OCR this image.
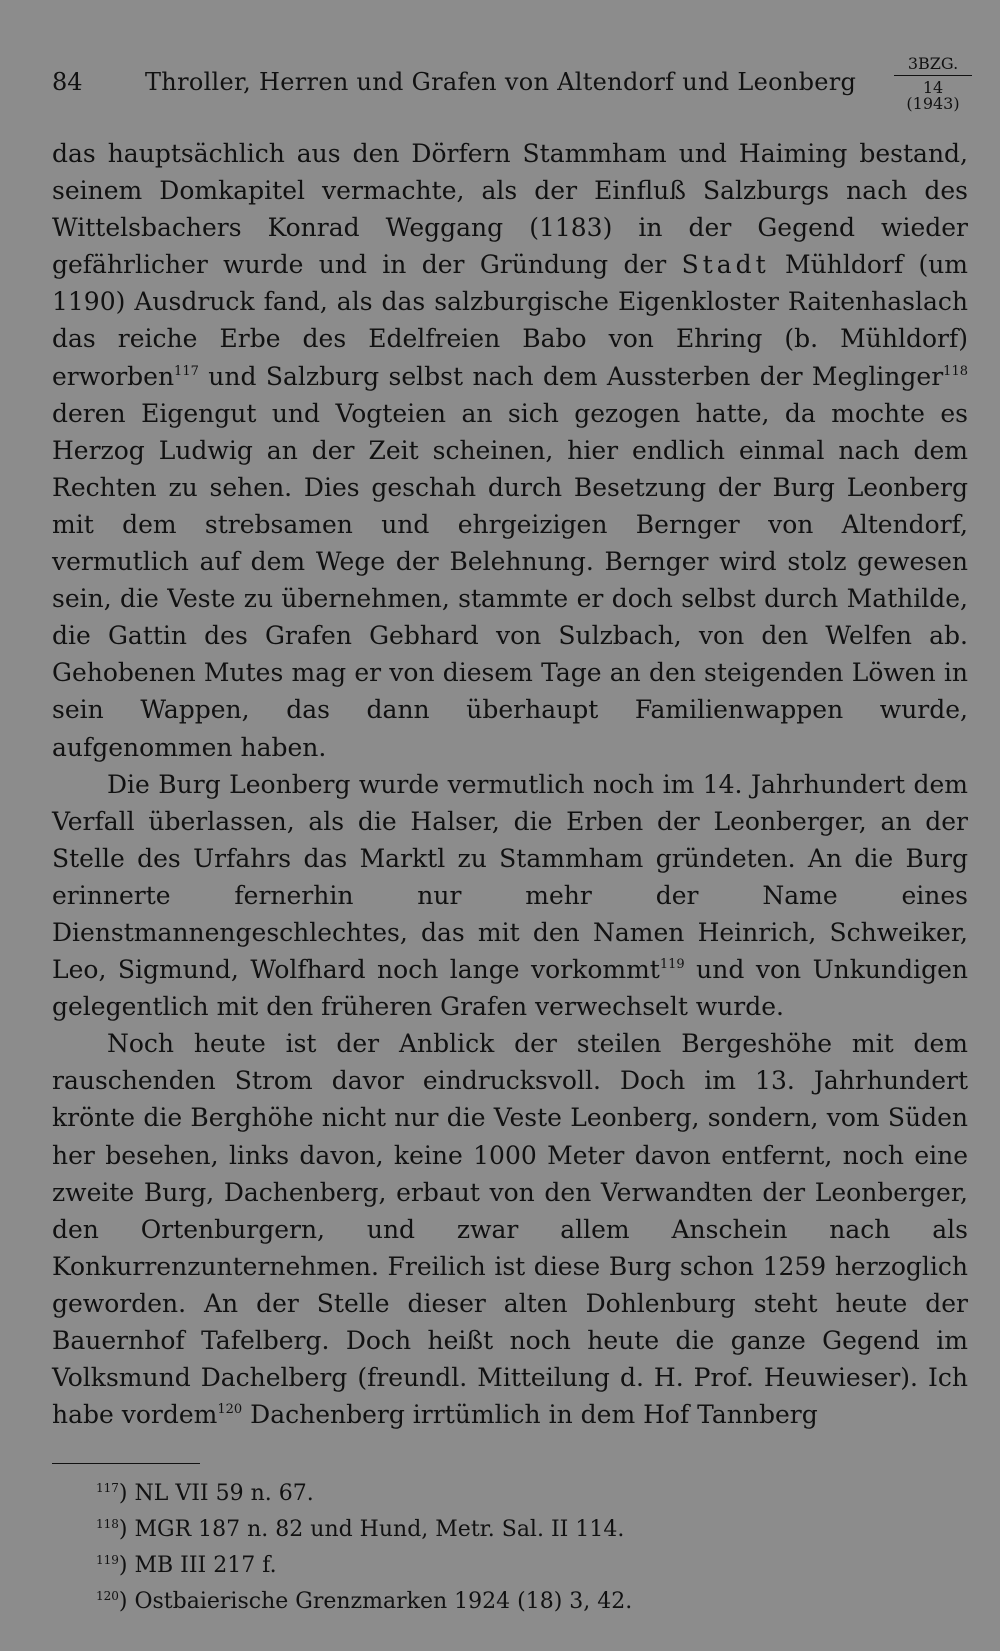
84	Throller, Herren und Grafen von Altendorf und Leonberg
3BZG.
14 (1943)

das hauptsächlich aus den Dörfern Stammham und Haiming bestand, seinem Domkapitel vermachte, als der Einfluß Salzburgs nach des Wittelsbachers Konrad Weggang (1183) in der Gegend wieder gefährlicher wurde und in der Gründung der Stadt Mühldorf (um 1190) Ausdruck fand, als das salzburgische Eigenkloster Raitenhaslach das reiche Erbe des Edelfreien Babo von Ehring (b. Mühldorf) erworben$^{117}$ und Salzburg selbst nach dem Aussterben der Meglinger$^{118}$ deren Eigengut und Vogteien an sich gezogen hatte, da mochte es Herzog Ludwig an der Zeit scheinen, hier endlich einmal nach dem Rechten zu sehen. Dies geschah durch Besetzung der Burg Leonberg mit dem strebsamen und ehrgeizigen Bernger von Altendorf, vermutlich auf dem Wege der Belehnung. Bernger wird stolz gewesen sein, die Veste zu übernehmen, stammte er doch selbst durch Mathilde, die Gattin des Grafen Gebhard von Sulzbach, von den Welfen ab. Gehobenen Mutes mag er von diesem Tage an den steigenden Löwen in sein Wappen, das dann überhaupt Familienwappen wurde, aufgenommen haben.

Die Burg Leonberg wurde vermutlich noch im 14. Jahrhundert dem Verfall überlassen, als die Halser, die Erben der Leonberger, an der Stelle des Urfahrs das Marktl zu Stammham gründeten. An die Burg erinnerte fernerhin nur mehr der Name eines Dienstmannengeschlechtes, das mit den Namen Heinrich, Schweiker, Leo, Sigmund, Wolfhard noch lange vorkommt$^{119}$ und von Unkundigen gelegentlich mit den früheren Grafen verwechselt wurde.

Noch heute ist der Anblick der steilen Bergeshöhe mit dem rauschenden Strom davor eindrucksvoll. Doch im 13. Jahrhundert krönte die Berghöhe nicht nur die Veste Leonberg, sondern, vom Süden her besehen, links davon, keine 1000 Meter davon entfernt, noch eine zweite Burg, Dachenberg, erbaut von den Verwandten der Leonberger, den Ortenburgern, und zwar allem Anschein nach als Konkurrenzunternehmen. Freilich ist diese Burg schon 1259 herzoglich geworden. An der Stelle dieser alten Dohlenburg steht heute der Bauernhof Tafelberg. Doch heißt noch heute die ganze Gegend im Volksmund Dachelberg (freundl. Mitteilung d. H. Prof. Heuwieser). Ich habe vordem$^{120}$ Dachenberg irrtümlich in dem Hof Tannberg

$^{117}$) NL VII 59 n. 67.
$^{118}$) MGR 187 n. 82 und Hund, Metr. Sal. II 114.
$^{119}$) MB III 217 f.
$^{120}$) Ostbaierische Grenzmarken 1924 (18) 3, 42.
